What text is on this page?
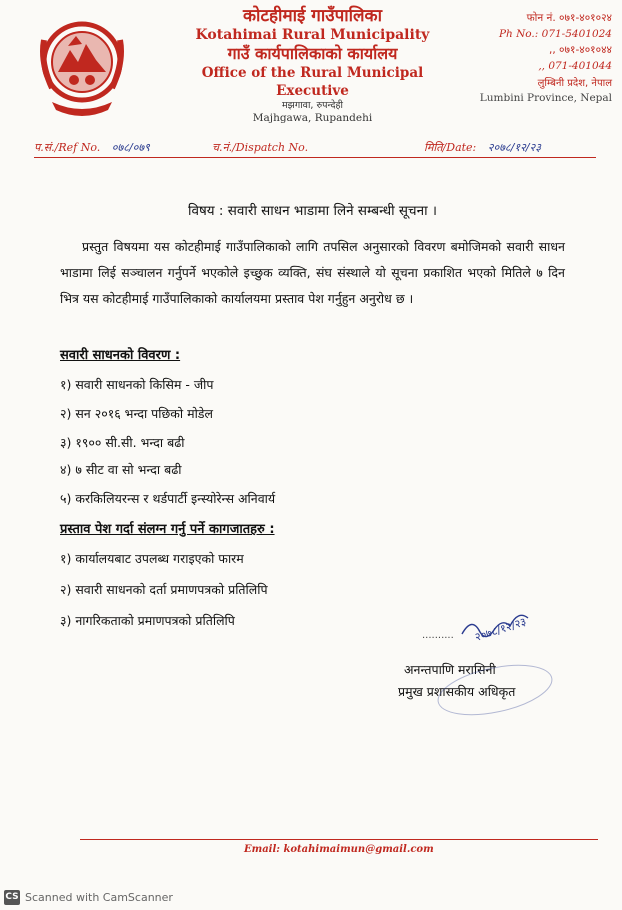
कोटहीमाई गाउँपालिका
Kotahimai Rural Municipality
गाउँ कार्यपालिकाको कार्यालय
Office of the Rural Municipal Executive
मझगावा, रुपन्देही
Majhgawa, Rupandehi
फोन नं. ०७१-४०१०२४
Ph No.: 071-5401024
,, ०७१-४०१०४४
,, 071-401044
लुम्बिनी प्रदेश, नेपाल
Lumbini Province, Nepal
प.सं./Ref No. ०७८/०७९	च.नं./Dispatch No.	मिति/Date: २०७८/१२/२३
विषय : सवारी साधन भाडामा लिने सम्बन्धी सूचना ।
प्रस्तुत विषयमा यस कोटहीमाई गाउँपालिकाको लागि तपसिल अनुसारको विवरण बमोजिमको सवारी साधन भाडामा लिई सञ्चालन गर्नुपर्ने भएकोले इच्छुक व्यक्ति, संघ संस्थाले यो सूचना प्रकाशित भएको मितिले ७ दिन भित्र यस कोटहीमाई गाउँपालिकाको कार्यालयमा प्रस्ताव पेश गर्नुहुन अनुरोध छ ।
सवारी साधनको विवरण :
१) सवारी साधनको किसिम - जीप
२) सन २०१६ भन्दा पछिको मोडेल
३) १९०० सी.सी. भन्दा बढी
४) ७ सीट वा सो भन्दा बढी
५) करकिलियरन्स र थर्डपार्टी इन्स्योरेन्स अनिवार्य
प्रस्ताव पेश गर्दा संलग्न गर्नु पर्ने कागजातहरु :
१) कार्यालयबाट उपलब्ध गराइएको फारम
२) सवारी साधनको दर्ता प्रमाणपत्रको प्रतिलिपि
३) नागरिकताको प्रमाणपत्रको प्रतिलिपि
.......... २०७८/१२/२३
अनन्तपाणि मरासिनी
प्रमुख प्रशासकीय अधिकृत
Email: kotahimaimun@gmail.com
CS Scanned with CamScanner
